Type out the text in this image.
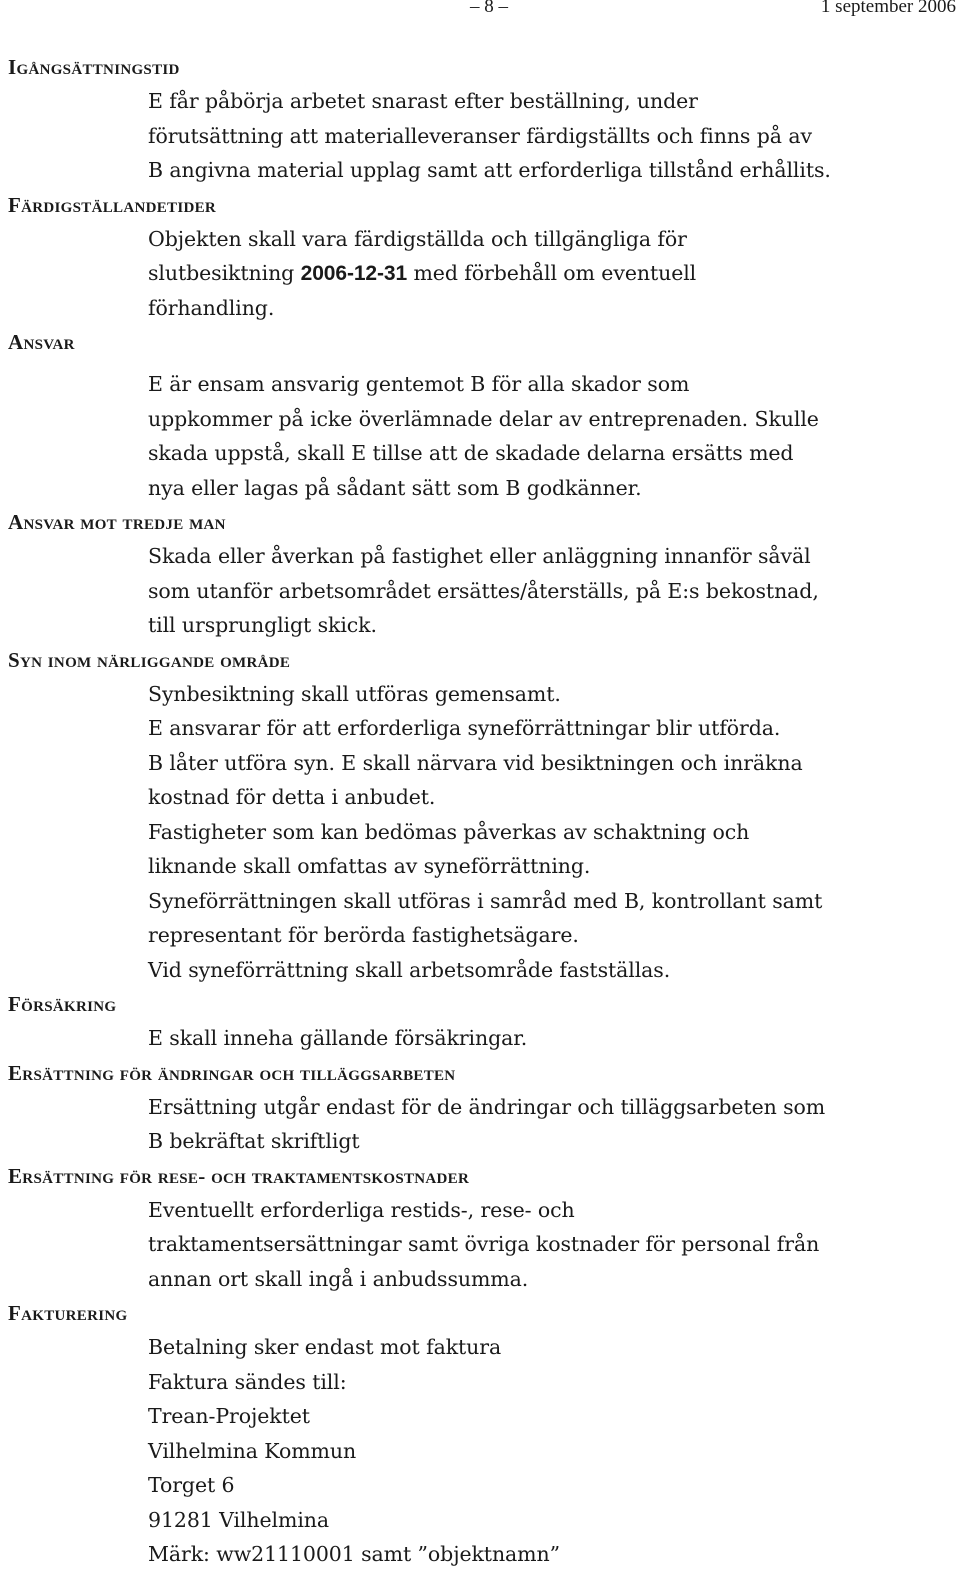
– 8 –	1 september 2006
Igångsättningstid
E får påbörja arbetet snarast efter beställning, under
förutsättning att materialleveranser färdigställts och finns på av
B angivna material upplag samt att erforderliga tillstånd erhållits.
Färdigställandetider
Objekten skall vara färdigställda och tillgängliga för
slutbesiktning 2006-12-31 med förbehåll om eventuell
förhandling.
Ansvar
E är ensam ansvarig gentemot B för alla skador som
uppkommer på icke överlämnade delar av entreprenaden. Skulle
skada uppstå, skall E tillse att de skadade delarna ersätts med
nya eller lagas på sådant sätt som B godkänner.
Ansvar mot tredje man
Skada eller åverkan på fastighet eller anläggning innanför såväl
som utanför arbetsområdet ersättes/återställs, på E:s bekostnad,
till ursprungligt skick.
Syn inom närliggande område
Synbesiktning skall utföras gemensamt.
E ansvarar för att erforderliga syneförrättningar blir utförda.
B låter utföra syn. E skall närvara vid besiktningen och inräkna
kostnad för detta i anbudet.
Fastigheter som kan bedömas påverkas av schaktning och
liknande skall omfattas av syneförrättning.
Syneförrättningen skall utföras i samråd med B, kontrollant samt
representant för berörda fastighetsägare.
Vid syneförrättning skall arbetsområde fastställas.
Försäkring
E skall inneha gällande försäkringar.
Ersättning för ändringar och tilläggsarbeten
Ersättning utgår endast för de ändringar och tilläggsarbeten som
B bekräftat skriftligt
Ersättning för rese- och traktamentskostnader
Eventuellt erforderliga restids-, rese- och
traktamentsersättningar samt övriga kostnader för personal från
annan ort skall ingå i anbudssumma.
Fakturering
Betalning sker endast mot faktura
Faktura sändes till:
Trean-Projektet
Vilhelmina Kommun
Torget 6
91281 Vilhelmina
Märk: ww21110001 samt ”objektnamn”
